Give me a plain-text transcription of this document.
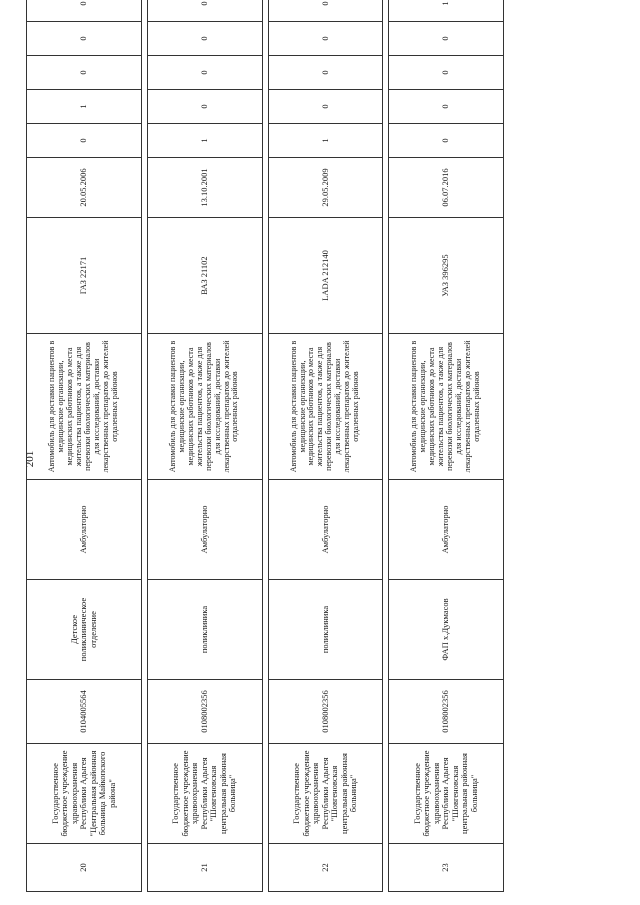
201
20	Государственное бюджетное учреждение здравоохранения Республики Адыгея "Центральная районная больница Майкопского района"	0104005564	Детское поликлиническое отделение	Амбулаторно	Автомобиль для доставки пациентов в медицинские организации, медицинских работников до места жительства пациентов, а также для перевозки биологических материалов для исследований, доставки лекарственных препаратов до жителей отдаленных районов	ГАЗ 22171	20.05.2006	0	1	0	0	0

21	Государственное бюджетное учреждение здравоохранения Республики Адыгея "Шовгеновская центральная районная больница"	0108002356	поликлиника	Амбулаторно	Автомобиль для доставки пациентов в медицинские организации, медицинских работников до места жительства пациентов, а также для перевозки биологических материалов для исследований, доставки лекарственных препаратов до жителей отдаленных районов	ВАЗ 21102	13.10.2001	1	0	0	0	0

22	Государственное бюджетное учреждение здравоохранения Республики Адыгея "Шовгеновская центральная районная больница"	0108002356	поликлиника	Амбулаторно	Автомобиль для доставки пациентов в медицинские организации, медицинских работников до места жительства пациентов, а также для перевозки биологических материалов для исследований, доставки лекарственных препаратов до жителей отдаленных районов	LADA 212140	29.05.2009	1	0	0	0	0

23	Государственное бюджетное учреждение здравоохранения Республики Адыгея "Шовгеновская центральная районная больница"	0108002356	ФАП х.Дукмасов	Амбулаторно	Автомобиль для доставки пациентов в медицинские организации, медицинских работников до места жительства пациентов, а также для перевозки биологических материалов для исследований, доставки лекарственных препаратов до жителей отдаленных районов	УАЗ 396295	06.07.2016	0	0	0	0	1
